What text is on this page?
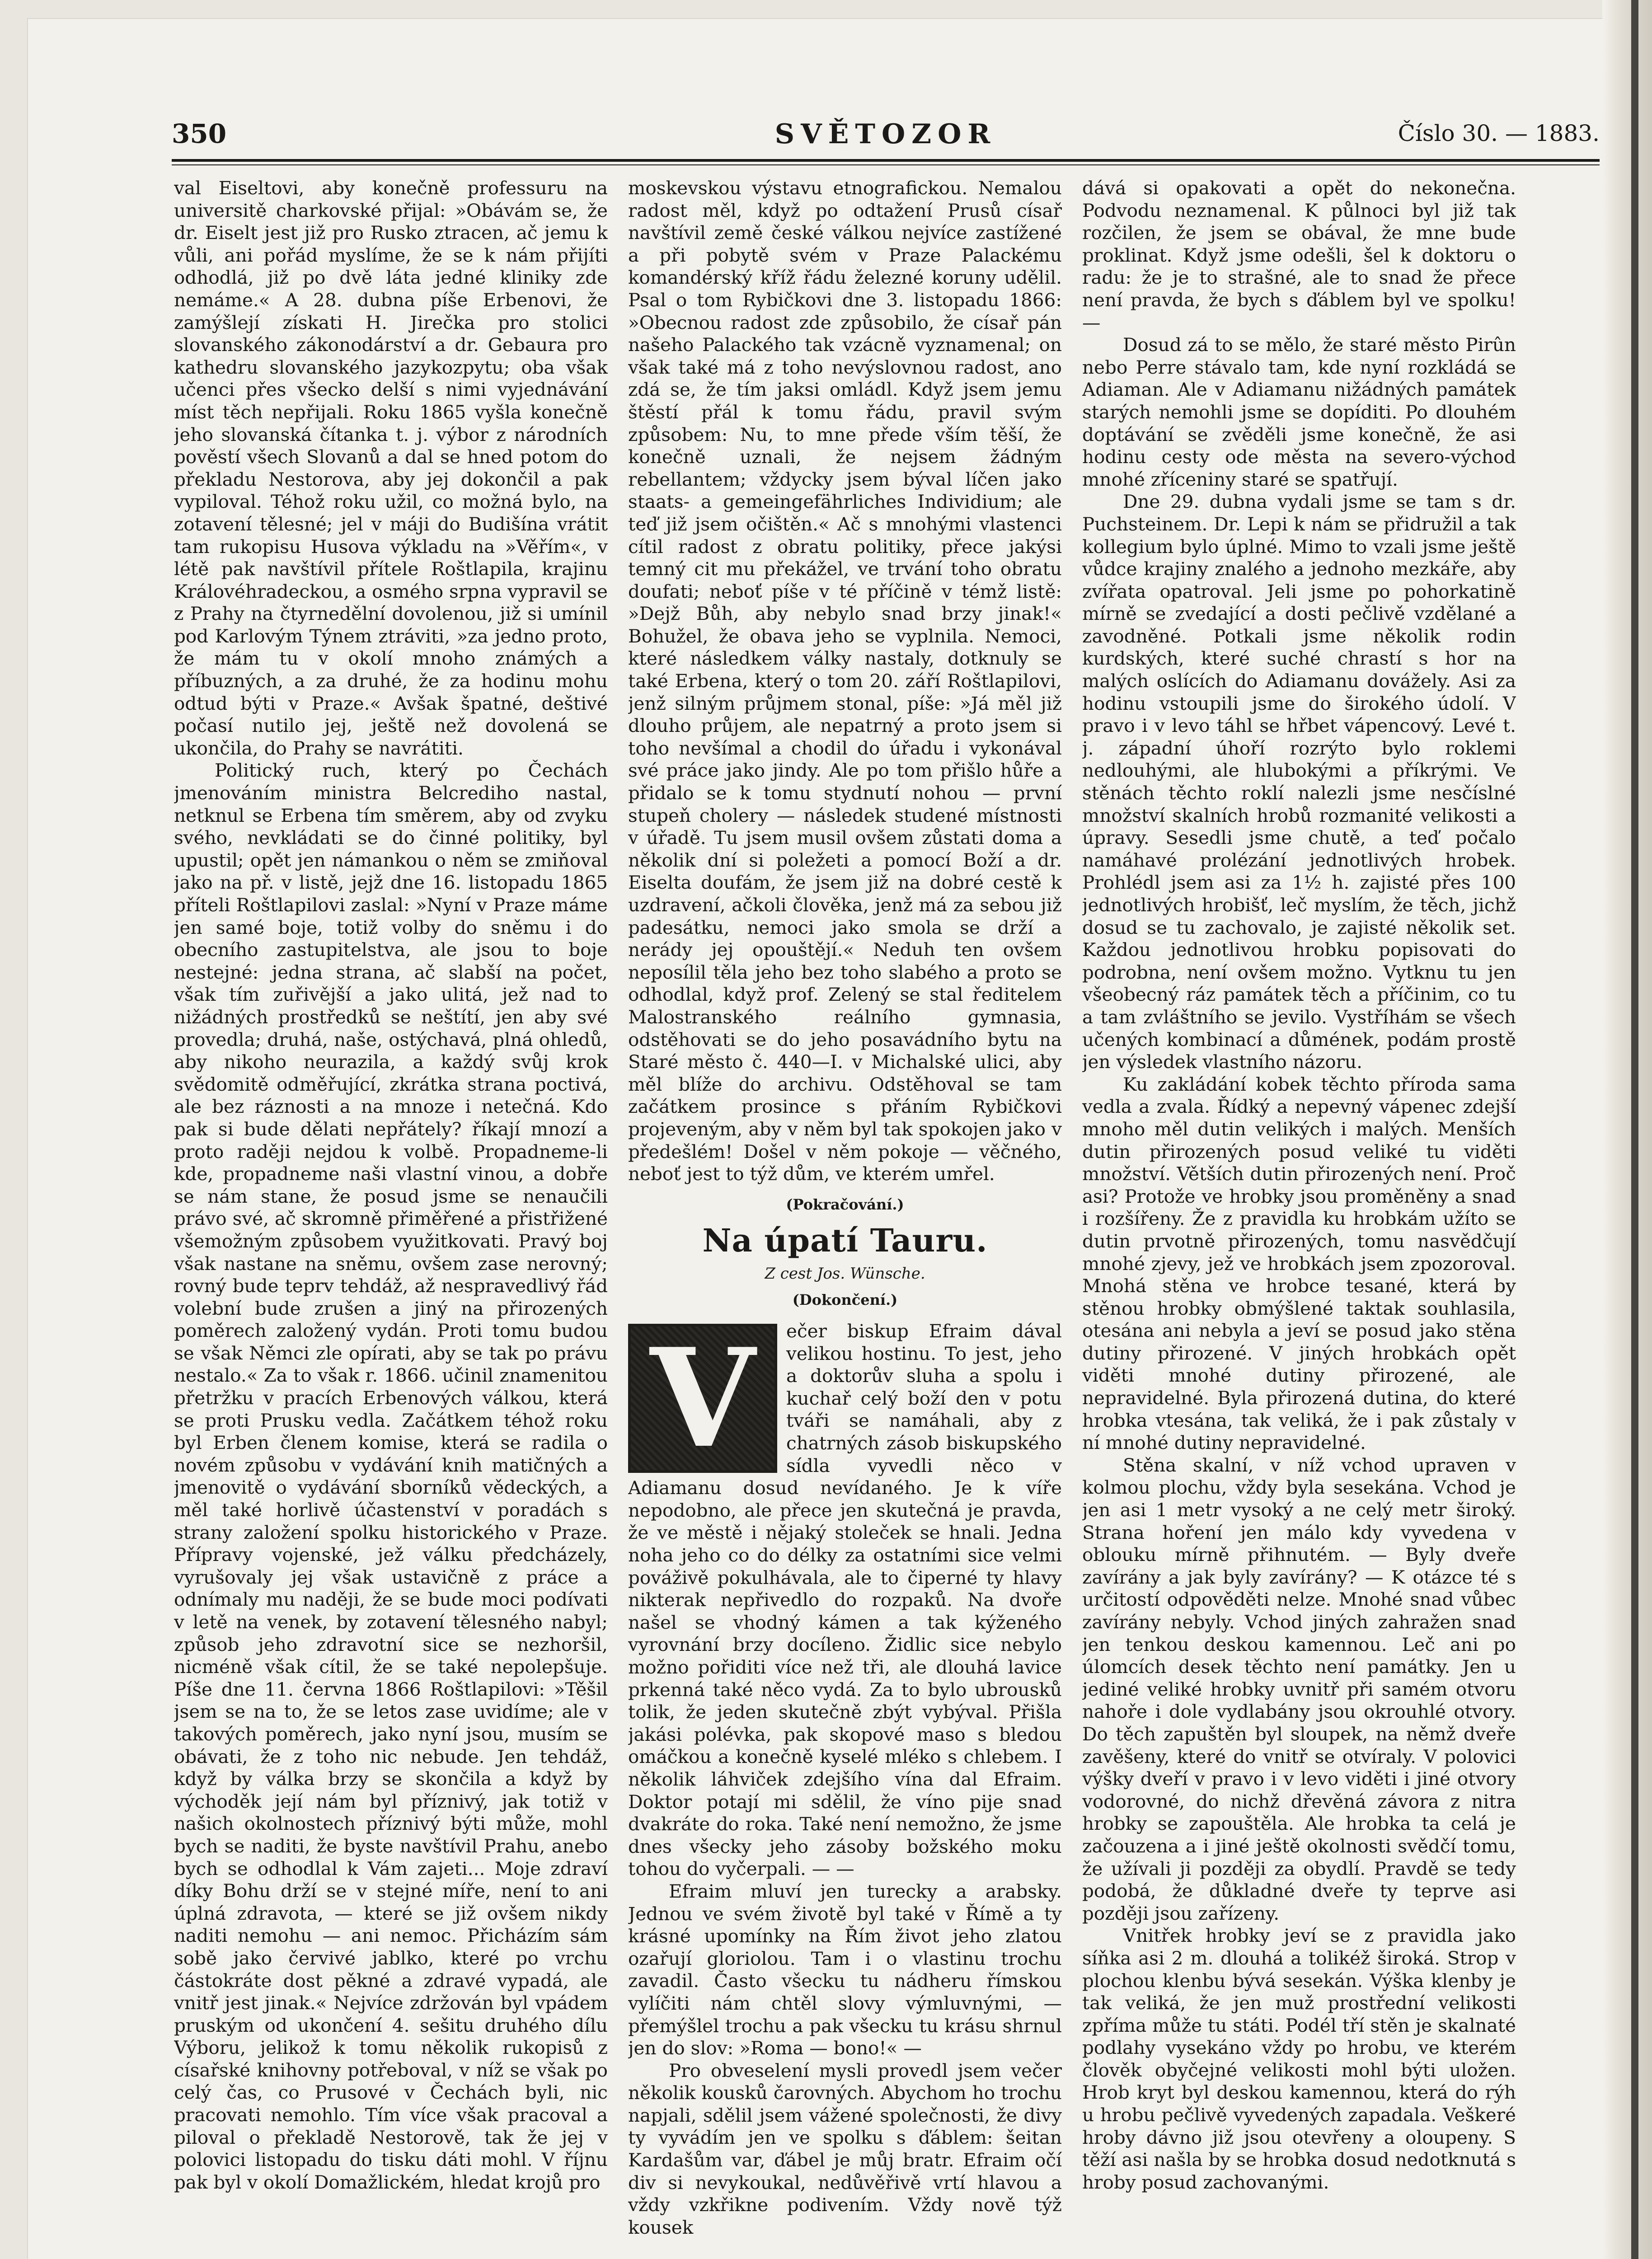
350	SVĚTOZOR	Číslo 30. — 1883.

val Eiseltovi, aby konečně professuru na universitě charkovské přijal: »Obávám se, že dr. Eiselt jest již pro Rusko ztracen, ač jemu k vůli, ani pořád myslíme, že se k nám přijíti odhodlá, již po dvě láta jedné kliniky zde nemáme.« A 28. dubna píše Erbenovi, že zamýšlejí získati H. Jirečka pro stolici slovanského zákonodárství a dr. Gebaura pro kathedru slovanského jazykozpytu; oba však učenci přes všecko delší s nimi vyjednávání míst těch nepřijali. Roku 1865 vyšla konečně jeho slovanská čítanka t. j. výbor z národních pověstí všech Slovanů a dal se hned potom do překladu Nestorova, aby jej dokončil a pak vypiloval. Téhož roku užil, co možná bylo, na zotavení tělesné; jel v máji do Budišína vrátit tam rukopisu Husova výkladu na »Věřím«, v létě pak navštívil přítele Roštlapila, krajinu Královéhradeckou, a osmého srpna vypravil se z Prahy na čtyrnedělní dovolenou, již si umínil pod Karlovým Týnem ztráviti, »za jedno proto, že mám tu v okolí mnoho známých a příbuzných, a za druhé, že za hodinu mohu odtud býti v Praze.« Avšak špatné, deštivé počasí nutilo jej, ještě než dovolená se ukončila, do Prahy se navrátiti.

Politický ruch, který po Čechách jmenováním ministra Belcrediho nastal, netknul se Erbena tím směrem, aby od zvyku svého, nevkládati se do činné politiky, byl upustil; opět jen námankou o něm se zmiňoval jako na př. v listě, jejž dne 16. listopadu 1865 příteli Roštlapilovi zaslal: »Nyní v Praze máme jen samé boje, totiž volby do sněmu i do obecního zastupitelstva, ale jsou to boje nestejné: jedna strana, ač slabší na počet, však tím zuřivější a jako ulitá, jež nad to nižádných prostředků se neštítí, jen aby své provedla; druhá, naše, ostýchavá, plná ohledů, aby nikoho neurazila, a každý svůj krok svědomitě odměřující, zkrátka strana poctivá, ale bez ráznosti a na mnoze i netečná. Kdo pak si bude dělati nepřátely? říkají mnozí a proto raději nejdou k volbě. Propadneme-li kde, propadneme naši vlastní vinou, a dobře se nám stane, že posud jsme se nenaučili právo své, ač skromně přiměřené a přistřižené všemožným způsobem využitkovati. Pravý boj však nastane na sněmu, ovšem zase nerovný; rovný bude teprv tehdáž, až nespravedlivý řád volební bude zrušen a jiný na přirozených poměrech založený vydán. Proti tomu budou se však Němci zle opírati, aby se tak po právu nestalo.« Za to však r. 1866. učinil znamenitou přetržku v pracích Erbenových válkou, která se proti Prusku vedla. Začátkem téhož roku byl Erben členem komise, která se radila o novém způsobu v vydávání knih matičných a jmenovitě o vydávání sborníků vědeckých, a měl také horlivě účastenství v poradách s strany založení spolku historického v Praze. Přípravy vojenské, jež válku předcházely, vyrušovaly jej však ustavičně z práce a odnímaly mu naději, že se bude moci podívati v letě na venek, by zotavení tělesného nabyl; způsob jeho zdravotní sice se nezhoršil, nicméně však cítil, že se také nepolepšuje. Píše dne 11. června 1866 Roštlapilovi: »Těšil jsem se na to, že se letos zase uvidíme; ale v takových poměrech, jako nyní jsou, musím se obávati, že z toho nic nebude. Jen tehdáž, když by válka brzy se skončila a když by východěk její nám byl příznivý, jak totiž v našich okolnostech příznivý býti může, mohl bych se naditi, že byste navštívil Prahu, anebo bych se odhodlal k Vám zajeti... Moje zdraví díky Bohu drží se v stejné míře, není to ani úplná zdravota, — které se již ovšem nikdy naditi nemohu — ani nemoc. Přicházím sám sobě jako červivé jablko, které po vrchu částokráte dost pěkné a zdravé vypadá, ale vnitř jest jinak.« Nejvíce zdržován byl vpádem pruským od ukončení 4. sešitu druhého dílu Výboru, jelikož k tomu několik rukopisů z císařské knihovny potřeboval, v níž se však po celý čas, co Prusové v Čechách byli, nic pracovati nemohlo. Tím více však pracoval a piloval o překladě Nestorově, tak že jej v polovici listopadu do tisku dáti mohl. V říjnu pak byl v okolí Domažlickém, hledat krojů pro

moskevskou výstavu etnografickou. Nemalou radost měl, když po odtažení Prusů císař navštívil země české válkou nejvíce zastížené a při pobytě svém v Praze Palackému komandérský kříž řádu železné koruny udělil. Psal o tom Rybičkovi dne 3. listopadu 1866: »Obecnou radost zde způsobilo, že císař pán našeho Palackého tak vzácně vyznamenal; on však také má z toho nevýslovnou radost, ano zdá se, že tím jaksi omládl. Když jsem jemu štěstí přál k tomu řádu, pravil svým způsobem: Nu, to mne přede vším těší, že konečně uznali, že nejsem žádným rebellantem; vždycky jsem býval líčen jako staats- a gemeingefährliches Individium; ale teď již jsem očištěn.« Ač s mnohými vlastenci cítil radost z obratu politiky, přece jakýsi temný cit mu překážel, ve trvání toho obratu doufati; neboť píše v té příčině v témž listě: »Dejž Bůh, aby nebylo snad brzy jinak!« Bohužel, že obava jeho se vyplnila. Nemoci, které následkem války nastaly, dotknuly se také Erbena, který o tom 20. září Roštlapilovi, jenž silným průjmem stonal, píše: »Já měl již dlouho průjem, ale nepatrný a proto jsem si toho nevšímal a chodil do úřadu i vykonával své práce jako jindy. Ale po tom přišlo hůře a přidalo se k tomu stydnutí nohou — první stupeň cholery — následek studené místnosti v úřadě. Tu jsem musil ovšem zůstati doma a několik dní si poležeti a pomocí Boží a dr. Eiselta doufám, že jsem již na dobré cestě k uzdravení, ačkoli člověka, jenž má za sebou již padesátku, nemoci jako smola se drží a nerády jej opouštějí.« Neduh ten ovšem neposílil těla jeho bez toho slabého a proto se odhodlal, když prof. Zelený se stal ředitelem Malostranského reálního gymnasia, odstěhovati se do jeho posavádního bytu na Staré město č. 440—I. v Michalské ulici, aby měl blíže do archivu. Odstěhoval se tam začátkem prosince s přáním Rybičkovi projeveným, aby v něm byl tak spokojen jako v předešlém! Došel v něm pokoje — věčného, neboť jest to týž dům, ve kterém umřel.

(Pokračování.)
Na úpatí Tauru.
Z cest Jos. Wünsche.
(Dokončení.)
V	ečer biskup Efraim dával velikou hostinu. To jest, jeho a doktorův sluha a spolu i kuchař celý boží den v potu tváři se namáhali, aby z chatrných zásob biskupského sídla vyvedli něco v Adiamanu dosud nevídaného. Je k víře nepodobno, ale přece jen skutečná je pravda, že ve městě i nějaký stoleček se hnali. Jedna noha jeho co do délky za ostatními sice velmi pováživě pokulhávala, ale to čiperné ty hlavy nikterak nepřivedlo do rozpaků. Na dvoře našel se vhodný kámen a tak kýženého vyrovnání brzy docíleno. Židlic sice nebylo možno pořiditi více než tři, ale dlouhá lavice prkenná také něco vydá. Za to bylo ubrousků tolik, že jeden skutečně zbýt vybýval. Přišla jakási polévka, pak skopové maso s bledou omáčkou a konečně kyselé mléko s chlebem. I několik láhviček zdejšího vína dal Efraim. Doktor potají mi sdělil, že víno pije snad dvakráte do roka. Také není nemožno, že jsme dnes všecky jeho zásoby božského moku tohou do vyčerpali. — —

Efraim mluví jen turecky a arabsky. Jednou ve svém životě byl také v Římě a ty krásné upomínky na Řím život jeho zlatou ozařují gloriolou. Tam i o vlastinu trochu zavadil. Často všecku tu nádheru římskou vylíčiti nám chtěl slovy výmluvnými, — přemýšlel trochu a pak všecku tu krásu shrnul jen do slov: »Roma — bono!« —

Pro obveselení mysli provedl jsem večer několik kousků čarovných. Abychom ho trochu napjali, sdělil jsem vážené společnosti, že divy ty vyvádím jen ve spolku s ďáblem: šeitan Kardašům var, ďábel je můj bratr. Efraim očí div si nevykoukal, nedůvěřivě vrtí hlavou a vždy vzkřikne podivením. Vždy nově týž kousek

dává si opakovati a opět do nekonečna. Podvodu neznamenal. K půlnoci byl již tak rozčilen, že jsem se obával, že mne bude proklinat. Když jsme odešli, šel k doktoru o radu: že je to strašné, ale to snad že přece není pravda, že bych s ďáblem byl ve spolku! —

Dosud zá to se mělo, že staré město Pirûn nebo Perre stávalo tam, kde nyní rozkládá se Adiaman. Ale v Adiamanu nižádných památek starých nemohli jsme se dopíditi. Po dlouhém doptávání se zvěděli jsme konečně, že asi hodinu cesty ode města na severo-východ mnohé zříceniny staré se spatřují.

Dne 29. dubna vydali jsme se tam s dr. Puchsteinem. Dr. Lepi k nám se přidružil a tak kollegium bylo úplné. Mimo to vzali jsme ještě vůdce krajiny znalého a jednoho mezkáře, aby zvířata opatroval. Jeli jsme po pohorkatině mírně se zvedající a dosti pečlivě vzdělané a zavodněné. Potkali jsme několik rodin kurdských, které suché chrastí s hor na malých oslících do Adiamanu dovážely. Asi za hodinu vstoupili jsme do širokého údolí. V pravo i v levo táhl se hřbet vápencový. Levé t. j. západní úhoří rozrýto bylo roklemi nedlouhými, ale hlubokými a příkrými. Ve stěnách těchto roklí nalezli jsme nesčíslné množství skalních hrobů rozmanité velikosti a úpravy. Sesedli jsme chutě, a teď počalo namáhavé prolézání jednotlivých hrobek. Prohlédl jsem asi za 1½ h. zajisté přes 100 jednotlivých hrobišť, leč myslím, že těch, jichž dosud se tu zachovalo, je zajisté několik set. Každou jednotlivou hrobku popisovati do podrobna, není ovšem možno. Vytknu tu jen všeobecný ráz památek těch a příčinim, co tu a tam zvláštního se jevilo. Vystříhám se všech učených kombinací a důmének, podám prostě jen výsledek vlastního názoru.

Ku zakládání kobek těchto příroda sama vedla a zvala. Řídký a nepevný vápenec zdejší mnoho měl dutin velikých i malých. Menších dutin přirozených posud veliké tu viděti množství. Větších dutin přirozených není. Proč asi? Protože ve hrobky jsou proměněny a snad i rozšířeny. Že z pravidla ku hrobkám užíto se dutin prvotně přirozených, tomu nasvědčují mnohé zjevy, jež ve hrobkách jsem zpozoroval. Mnohá stěna ve hrobce tesané, která by stěnou hrobky obmýšlené taktak souhlasila, otesána ani nebyla a jeví se posud jako stěna dutiny přirozené. V jiných hrobkách opět viděti mnohé dutiny přirozené, ale nepravidelné. Byla přirozená dutina, do které hrobka vtesána, tak veliká, že i pak zůstaly v ní mnohé dutiny nepravidelné.

Stěna skalní, v níž vchod upraven v kolmou plochu, vždy byla sesekána. Vchod je jen asi 1 metr vysoký a ne celý metr široký. Strana hoření jen málo kdy vyvedena v oblouku mírně přihnutém. — Byly dveře zavírány a jak byly zavírány? — K otázce té s určitostí odpověděti nelze. Mnohé snad vůbec zavírány nebyly. Vchod jiných zahražen snad jen tenkou deskou kamennou. Leč ani po úlomcích desek těchto není památky. Jen u jediné veliké hrobky uvnitř při samém otvoru nahoře i dole vydlabány jsou okrouhlé otvory. Do těch zapuštěn byl sloupek, na němž dveře zavěšeny, které do vnitř se otvíraly. V polovici výšky dveří v pravo i v levo viděti i jiné otvory vodorovné, do nichž dřevěná závora z nitra hrobky se zapouštěla. Ale hrobka ta celá je začouzena a i jiné ještě okolnosti svědčí tomu, že užívali ji později za obydlí. Pravdě se tedy podobá, že důkladné dveře ty teprve asi později jsou zařízeny.

Vnitřek hrobky jeví se z pravidla jako síňka asi 2 m. dlouhá a tolikéž široká. Strop v plochou klenbu bývá sesekán. Výška klenby je tak veliká, že jen muž prostřední velikosti zpříma může tu státi. Podél tří stěn je skalnaté podlahy vysekáno vždy po hrobu, ve kterém člověk obyčejné velikosti mohl býti uložen. Hrob kryt byl deskou kamennou, která do rýh u hrobu pečlivě vyvedených zapadala. Veškeré hroby dávno již jsou otevřeny a oloupeny. S těží asi našla by se hrobka dosud nedotknutá s hroby posud zachovanými.
